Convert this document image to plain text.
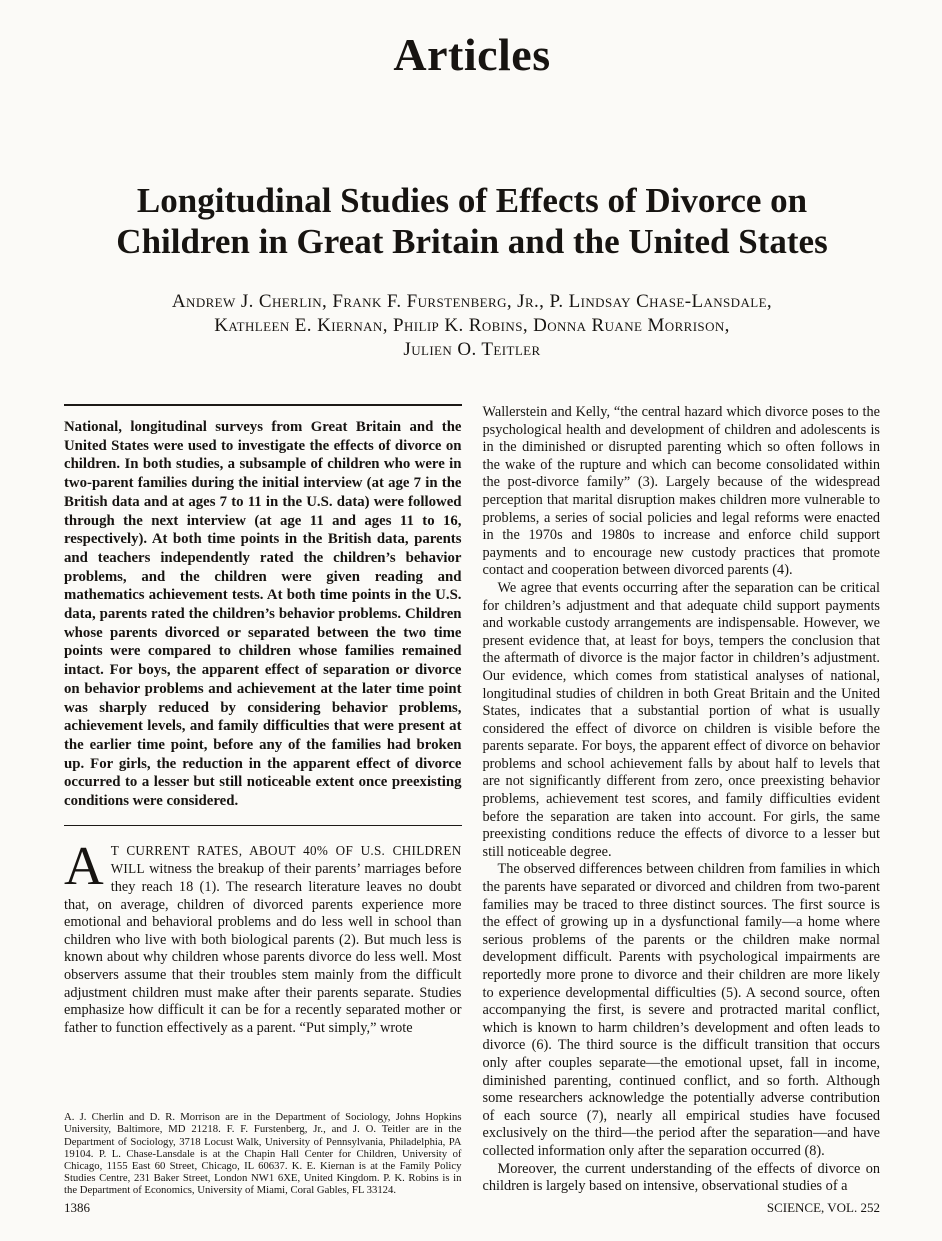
Articles
Longitudinal Studies of Effects of Divorce on
Children in Great Britain and the United States
Andrew J. Cherlin, Frank F. Furstenberg, Jr., P. Lindsay Chase-Lansdale,
Kathleen E. Kiernan, Philip K. Robins, Donna Ruane Morrison,
Julien O. Teitler
National, longitudinal surveys from Great Britain and the United States were used to investigate the effects of divorce on children. In both studies, a subsample of children who were in two-parent families during the initial interview (at age 7 in the British data and at ages 7 to 11 in the U.S. data) were followed through the next interview (at age 11 and ages 11 to 16, respectively). At both time points in the British data, parents and teachers independently rated the children’s behavior problems, and the children were given reading and mathematics achievement tests. At both time points in the U.S. data, parents rated the children’s behavior problems. Children whose parents divorced or separated between the two time points were compared to children whose families remained intact. For boys, the apparent effect of separation or divorce on behavior problems and achievement at the later time point was sharply reduced by considering behavior problems, achievement levels, and family difficulties that were present at the earlier time point, before any of the families had broken up. For girls, the reduction in the apparent effect of divorce occurred to a lesser but still noticeable extent once preexisting conditions were considered.

A T CURRENT RATES, ABOUT 40% OF U.S. CHILDREN WILL witness the breakup of their parents’ marriages before they reach 18 (1). The research literature leaves no doubt that, on average, children of divorced parents experience more emotional and behavioral problems and do less well in school than children who live with both biological parents (2). But much less is known about why children whose parents divorce do less well. Most observers assume that their troubles stem mainly from the difficult adjustment children must make after their parents separate. Studies emphasize how difficult it can be for a recently separated mother or father to function effectively as a parent. “Put simply,” wrote

A. J. Cherlin and D. R. Morrison are in the Department of Sociology, Johns Hopkins University, Baltimore, MD 21218. F. F. Furstenberg, Jr., and J. O. Teitler are in the Department of Sociology, 3718 Locust Walk, University of Pennsylvania, Philadelphia, PA 19104. P. L. Chase-Lansdale is at the Chapin Hall Center for Children, University of Chicago, 1155 East 60 Street, Chicago, IL 60637. K. E. Kiernan is at the Family Policy Studies Centre, 231 Baker Street, London NW1 6XE, United Kingdom. P. K. Robins is in the Department of Economics, University of Miami, Coral Gables, FL 33124.

Wallerstein and Kelly, “the central hazard which divorce poses to the psychological health and development of children and adolescents is in the diminished or disrupted parenting which so often follows in the wake of the rupture and which can become consolidated within the post-divorce family” (3). Largely because of the widespread perception that marital disruption makes children more vulnerable to problems, a series of social policies and legal reforms were enacted in the 1970s and 1980s to increase and enforce child support payments and to encourage new custody practices that promote contact and cooperation between divorced parents (4).

We agree that events occurring after the separation can be critical for children’s adjustment and that adequate child support payments and workable custody arrangements are indispensable. However, we present evidence that, at least for boys, tempers the conclusion that the aftermath of divorce is the major factor in children’s adjustment. Our evidence, which comes from statistical analyses of national, longitudinal studies of children in both Great Britain and the United States, indicates that a substantial portion of what is usually considered the effect of divorce on children is visible before the parents separate. For boys, the apparent effect of divorce on behavior problems and school achievement falls by about half to levels that are not significantly different from zero, once preexisting behavior problems, achievement test scores, and family difficulties evident before the separation are taken into account. For girls, the same preexisting conditions reduce the effects of divorce to a lesser but still noticeable degree.

The observed differences between children from families in which the parents have separated or divorced and children from two-parent families may be traced to three distinct sources. The first source is the effect of growing up in a dysfunctional family—a home where serious problems of the parents or the children make normal development difficult. Parents with psychological impairments are reportedly more prone to divorce and their children are more likely to experience developmental difficulties (5). A second source, often accompanying the first, is severe and protracted marital conflict, which is known to harm children’s development and often leads to divorce (6). The third source is the difficult transition that occurs only after couples separate—the emotional upset, fall in income, diminished parenting, continued conflict, and so forth. Although some researchers acknowledge the potentially adverse contribution of each source (7), nearly all empirical studies have focused exclusively on the third—the period after the separation—and have collected information only after the separation occurred (8).

Moreover, the current understanding of the effects of divorce on children is largely based on intensive, observational studies of a

1386	SCIENCE, VOL. 252
